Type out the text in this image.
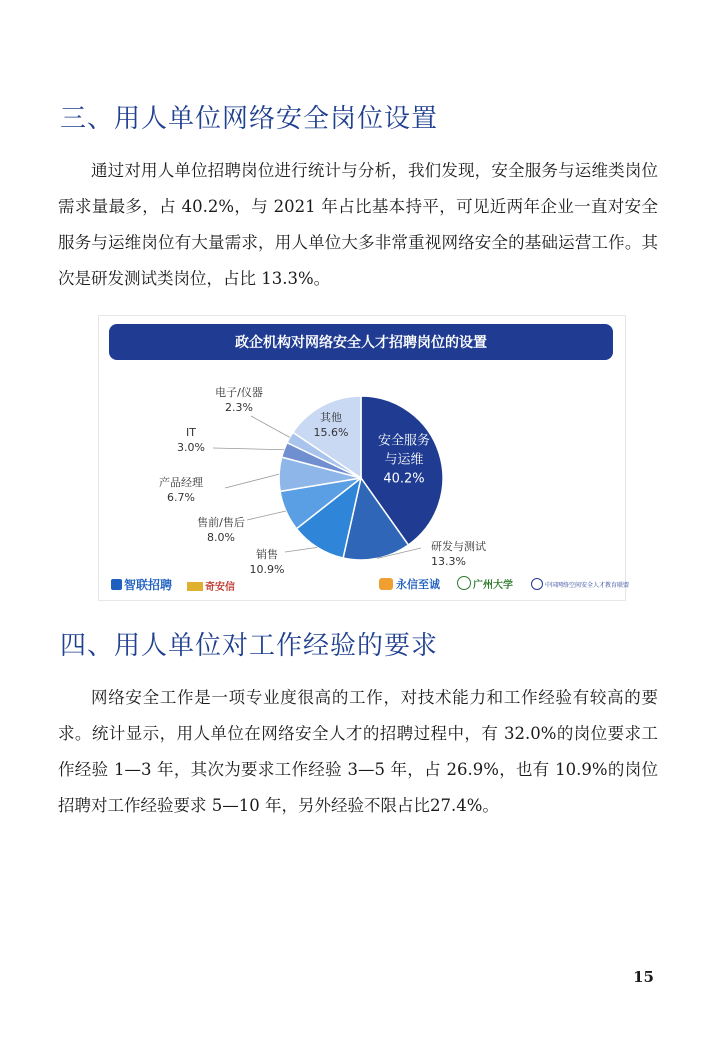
三、用人单位网络安全岗位设置
通过对用人单位招聘岗位进行统计与分析，我们发现，安全服务与运维类岗位需求量最多，占 40.2%，与 2021 年占比基本持平，可见近两年企业一直对安全服务与运维岗位有大量需求，用人单位大多非常重视网络安全的基础运营工作。其次是研发测试类岗位，占比 13.3%。
政企机构对网络安全人才招聘岗位的设置
安全服务与运维
40.2%
研发与测试
13.3%
销售
10.9%
售前/售后
8.0%
产品经理
6.7%
IT
3.0%
电子/仪器
2.3%
其他
15.6%
智联招聘	奇安信	永信至诚	广州大学	中国网络空间安全人才教育联盟
四、用人单位对工作经验的要求
网络安全工作是一项专业度很高的工作，对技术能力和工作经验有较高的要求。统计显示，用人单位在网络安全人才的招聘过程中，有 32.0%的岗位要求工作经验 1—3 年，其次为要求工作经验 3—5 年，占 26.9%，也有 10.9%的岗位招聘对工作经验要求 5—10 年，另外经验不限占比27.4%。
15
